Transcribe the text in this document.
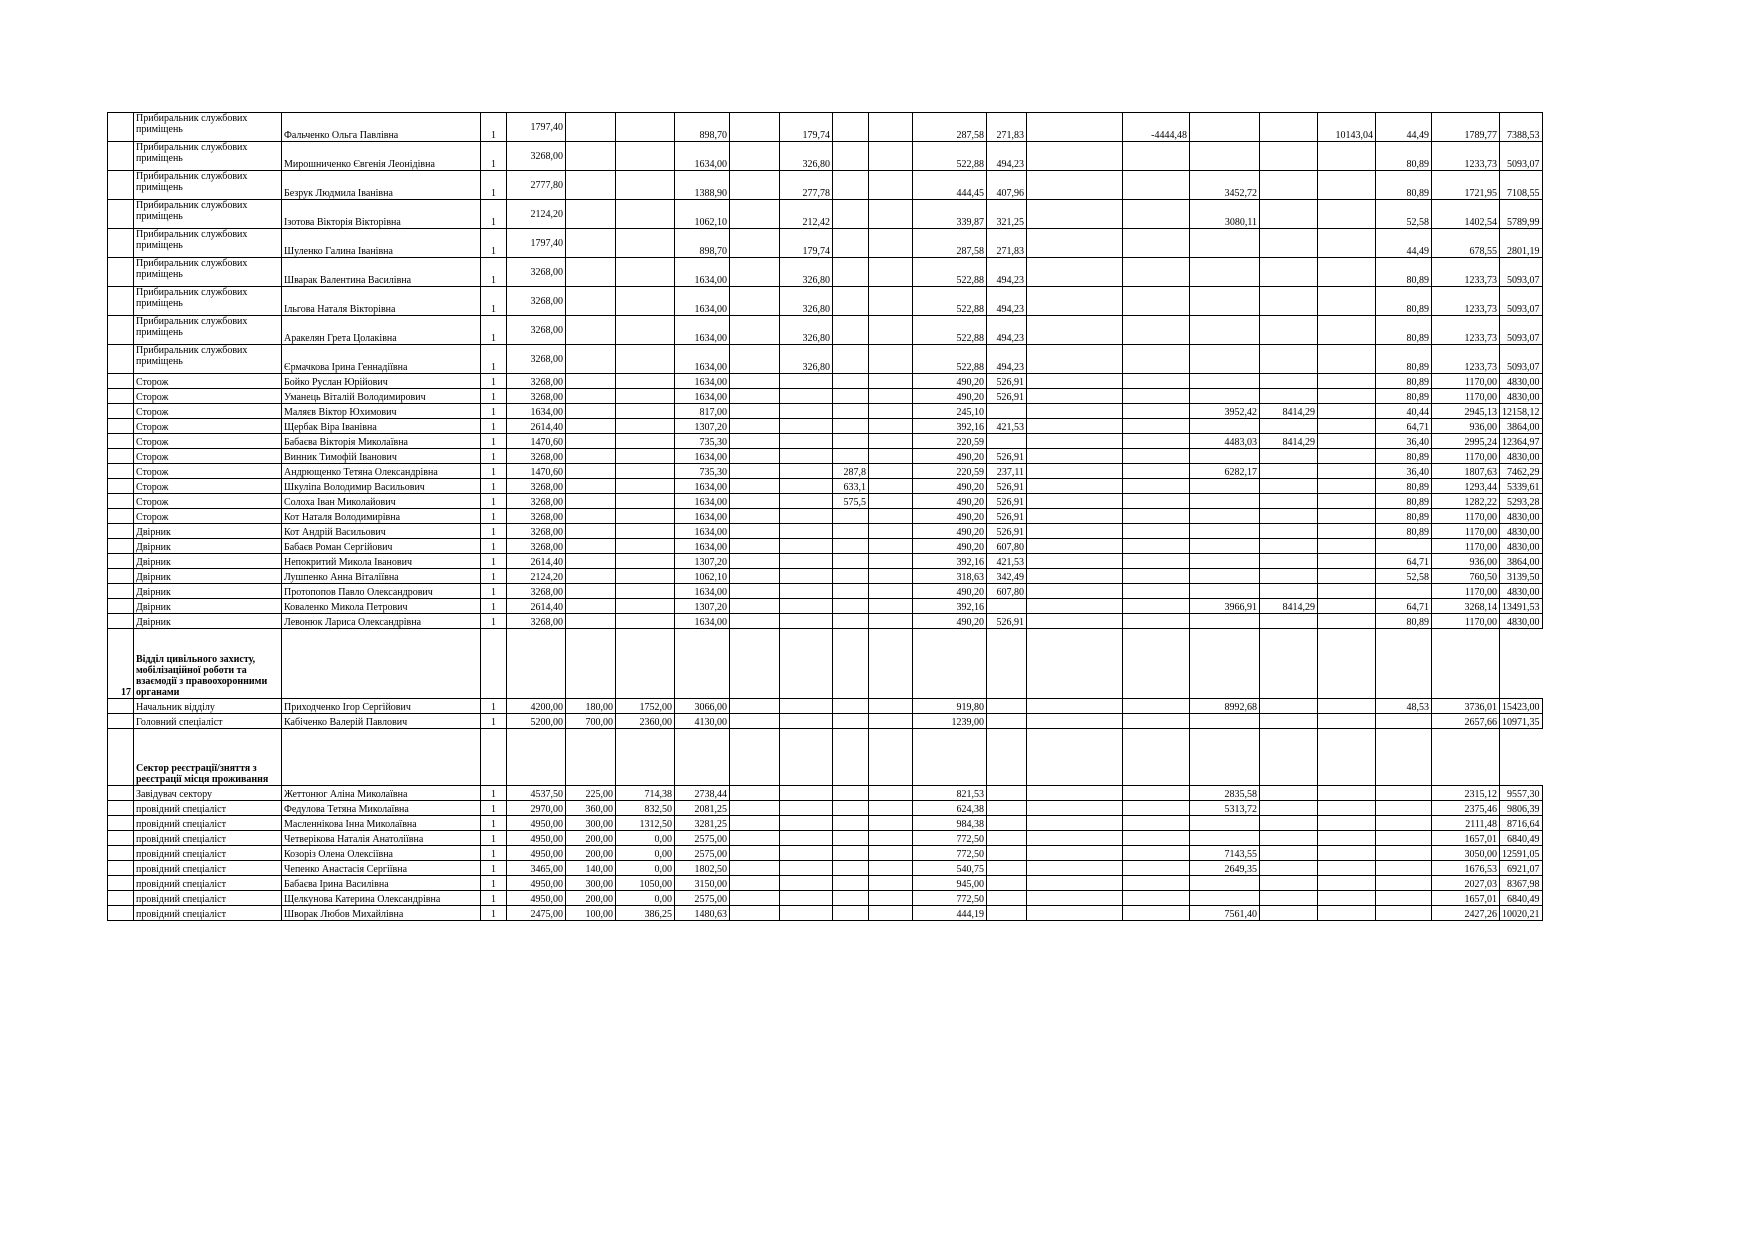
	Прибиральник службових приміщень	Фальченко Ольга Павлівна	1	1797,40			898,70		179,74			287,58	271,83		-4444,48			10143,04	44,49	1789,77	7388,53
	Прибиральник службових приміщень	Мирошниченко Євгенія Леонідівна	1	3268,00			1634,00		326,80			522,88	494,23						80,89	1233,73	5093,07
	Прибиральник службових приміщень	Безрук Людмила Іванівна	1	2777,80			1388,90		277,78			444,45	407,96			3452,72			80,89	1721,95	7108,55
	Прибиральник службових приміщень	Ізотова Вікторія Вікторівна	1	2124,20			1062,10		212,42			339,87	321,25			3080,11			52,58	1402,54	5789,99
	Прибиральник службових приміщень	Шуленко Галина Іванівна	1	1797,40			898,70		179,74			287,58	271,83						44,49	678,55	2801,19
	Прибиральник службових приміщень	Шварак Валентина Василівна	1	3268,00			1634,00		326,80			522,88	494,23						80,89	1233,73	5093,07
	Прибиральник службових приміщень	Ільгова Наталя Вікторівна	1	3268,00			1634,00		326,80			522,88	494,23						80,89	1233,73	5093,07
	Прибиральник службових приміщень	Аракелян Грета Цолаківна	1	3268,00			1634,00		326,80			522,88	494,23						80,89	1233,73	5093,07
	Прибиральник службових приміщень	Єрмачкова Ірина Геннадіївна	1	3268,00			1634,00		326,80			522,88	494,23						80,89	1233,73	5093,07
	Сторож	Бойко Руслан Юрійович	1	3268,00			1634,00					490,20	526,91						80,89	1170,00	4830,00
	Сторож	Уманець Віталій Володимирович	1	3268,00			1634,00					490,20	526,91						80,89	1170,00	4830,00
	Сторож	Маляєв Віктор Юхимович	1	1634,00			817,00					245,10				3952,42	8414,29		40,44	2945,13	12158,12
	Сторож	Щербак Віра Іванівна	1	2614,40			1307,20					392,16	421,53						64,71	936,00	3864,00
	Сторож	Бабаєва Вікторія Миколаївна	1	1470,60			735,30					220,59				4483,03	8414,29		36,40	2995,24	12364,97
	Сторож	Винник Тимофій Іванович	1	3268,00			1634,00					490,20	526,91						80,89	1170,00	4830,00
	Сторож	Андрющенко Тетяна Олександрівна	1	1470,60			735,30			287,8		220,59	237,11			6282,17			36,40	1807,63	7462,29
	Сторож	Шкуліпа Володимир Васильович	1	3268,00			1634,00			633,1		490,20	526,91						80,89	1293,44	5339,61
	Сторож	Солоха Іван Миколайович	1	3268,00			1634,00			575,5		490,20	526,91						80,89	1282,22	5293,28
	Сторож	Кот Наталя Володимирівна	1	3268,00			1634,00					490,20	526,91						80,89	1170,00	4830,00
	Двірник	Кот Андрій Васильович	1	3268,00			1634,00					490,20	526,91						80,89	1170,00	4830,00
	Двірник	Бабаєв Роман Сергійович	1	3268,00			1634,00					490,20	607,80							1170,00	4830,00
	Двірник	Непокритий Микола Іванович	1	2614,40			1307,20					392,16	421,53						64,71	936,00	3864,00
	Двірник	Лушпенко Анна Віталіївна	1	2124,20			1062,10					318,63	342,49						52,58	760,50	3139,50
	Двірник	Протопопов Павло Олександрович	1	3268,00			1634,00					490,20	607,80							1170,00	4830,00
	Двірник	Коваленко Микола Петрович	1	2614,40			1307,20					392,16				3966,91	8414,29		64,71	3268,14	13491,53
	Двірник	Левонюк Лариса Олександрівна	1	3268,00			1634,00					490,20	526,91						80,89	1170,00	4830,00
17	Відділ цивільного захисту, мобілізаційної роботи та взаємодії з правоохоронними органами																				
	Начальник відділу	Приходченко Ігор Сергійович	1	4200,00	180,00	1752,00	3066,00					919,80				8992,68			48,53	3736,01	15423,00
	Головний спеціаліст	Кабіченко Валерій Павлович	1	5200,00	700,00	2360,00	4130,00					1239,00								2657,66	10971,35
	Сектор реєстрації/зняття з реєстрації місця проживання																				
	Завідувач сектору	Жеттонюг Аліна Миколаївна	1	4537,50	225,00	714,38	2738,44					821,53				2835,58				2315,12	9557,30
	провідний спеціаліст	Федулова Тетяна Миколаївна	1	2970,00	360,00	832,50	2081,25					624,38				5313,72				2375,46	9806,39
	провідний спеціаліст	Масленнікова Інна Миколаївна	1	4950,00	300,00	1312,50	3281,25					984,38								2111,48	8716,64
	провідний спеціаліст	Четверікова Наталія Анатоліївна	1	4950,00	200,00	0,00	2575,00					772,50								1657,01	6840,49
	провідний спеціаліст	Козоріз Олена Олексіївна	1	4950,00	200,00	0,00	2575,00					772,50				7143,55				3050,00	12591,05
	провідний спеціаліст	Чепенко Анастасія Сергіївна	1	3465,00	140,00	0,00	1802,50					540,75				2649,35				1676,53	6921,07
	провідний спеціаліст	Бабаєва Ірина Василівна	1	4950,00	300,00	1050,00	3150,00					945,00								2027,03	8367,98
	провідний спеціаліст	Щелкунова Катерина Олександрівна	1	4950,00	200,00	0,00	2575,00					772,50								1657,01	6840,49
	провідний спеціаліст	Шворак Любов Михайлівна	1	2475,00	100,00	386,25	1480,63					444,19				7561,40				2427,26	10020,21
